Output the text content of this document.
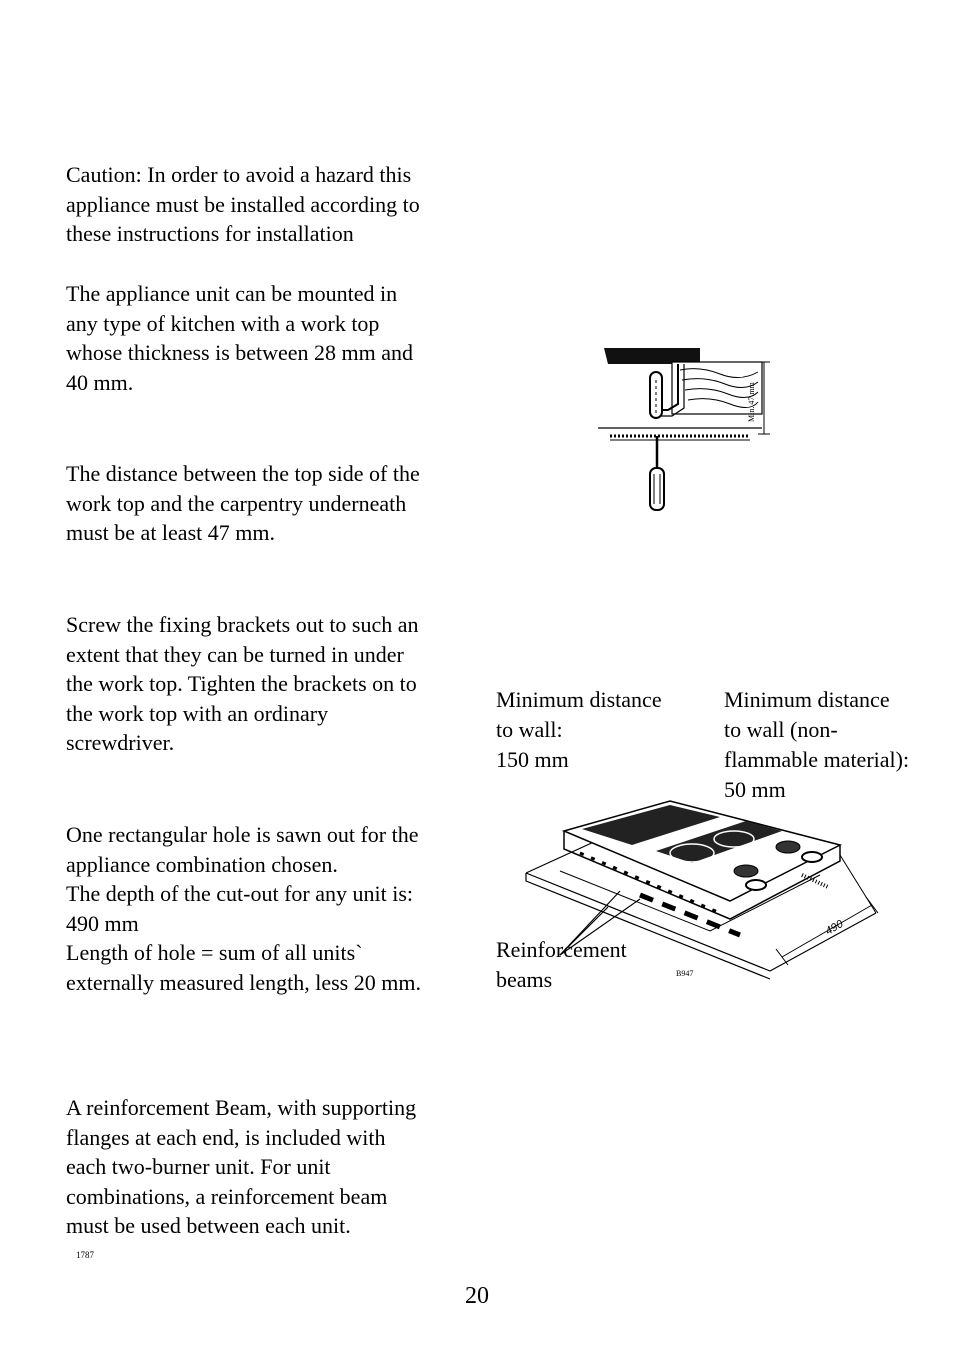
Caution: In order to avoid a hazard this
appliance must be installed according to
these instructions for installation

The appliance unit can be mounted in
any type of kitchen with a work top
whose thickness is between 28 mm and
40 mm.

The distance between the top side of the
work top and the carpentry underneath
must be at least 47 mm.

Screw the fixing brackets out to such an
extent that they can be turned in under
the work top. Tighten the brackets on to
the work top with an ordinary
screwdriver.

One rectangular hole is sawn out for the
appliance combination chosen.
The depth of the cut-out for any unit is:
490 mm
Length of hole = sum of all units`
externally measured length, less 20 mm.

A reinforcement Beam, with supporting
flanges at each end, is included with
each two-burner unit. For unit
combinations, a reinforcement beam
must be used between each unit.

Min. 47 mm

Minimum distance
to wall:
150 mm

Minimum distance
to wall (non-
flammable material):
50 mm

Reinforcement
beams

490
B947
1787
20
